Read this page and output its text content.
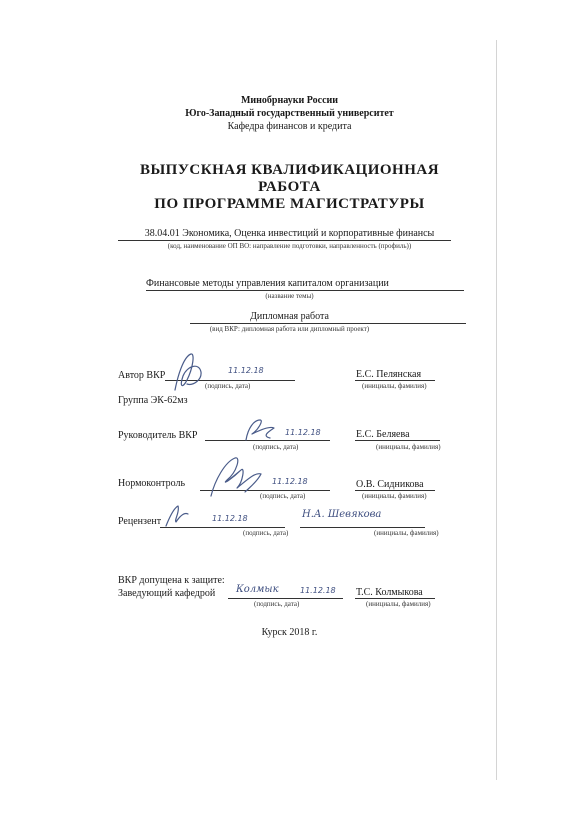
Минобрнауки России
Юго-Западный государственный университет
Кафедра финансов и кредита
ВЫПУСКНАЯ КВАЛИФИКАЦИОННАЯ
РАБОТА
ПО ПРОГРАММЕ МАГИСТРАТУРЫ
38.04.01 Экономика, Оценка инвестиций и корпоративные финансы
(код, наименование ОП ВО: направление подготовки, направленность (профиль))
Финансовые методы управления капиталом организации
(название темы)
Дипломная работа
(вид ВКР: дипломная работа или дипломный проект)
Автор ВКР	11.12.18
(подпись, дата)
Е.С. Пелянская
(инициалы, фамилия)
Группа ЭК-62мз
Руководитель ВКР	11.12.18
(подпись, дата)
Е.С. Беляева
(инициалы, фамилия)
Нормоконтроль	11.12.18
(подпись, дата)
О.В. Сидникова
(инициалы, фамилия)
Рецензент	11.12.18
(подпись, дата)
Н.А. Шевякова
(инициалы, фамилия)
ВКР допущена к защите:
Заведующий кафедрой Колмык	11.12.18
(подпись, дата)
Т.С. Колмыкова
(инициалы, фамилия)
Курск 2018 г.
